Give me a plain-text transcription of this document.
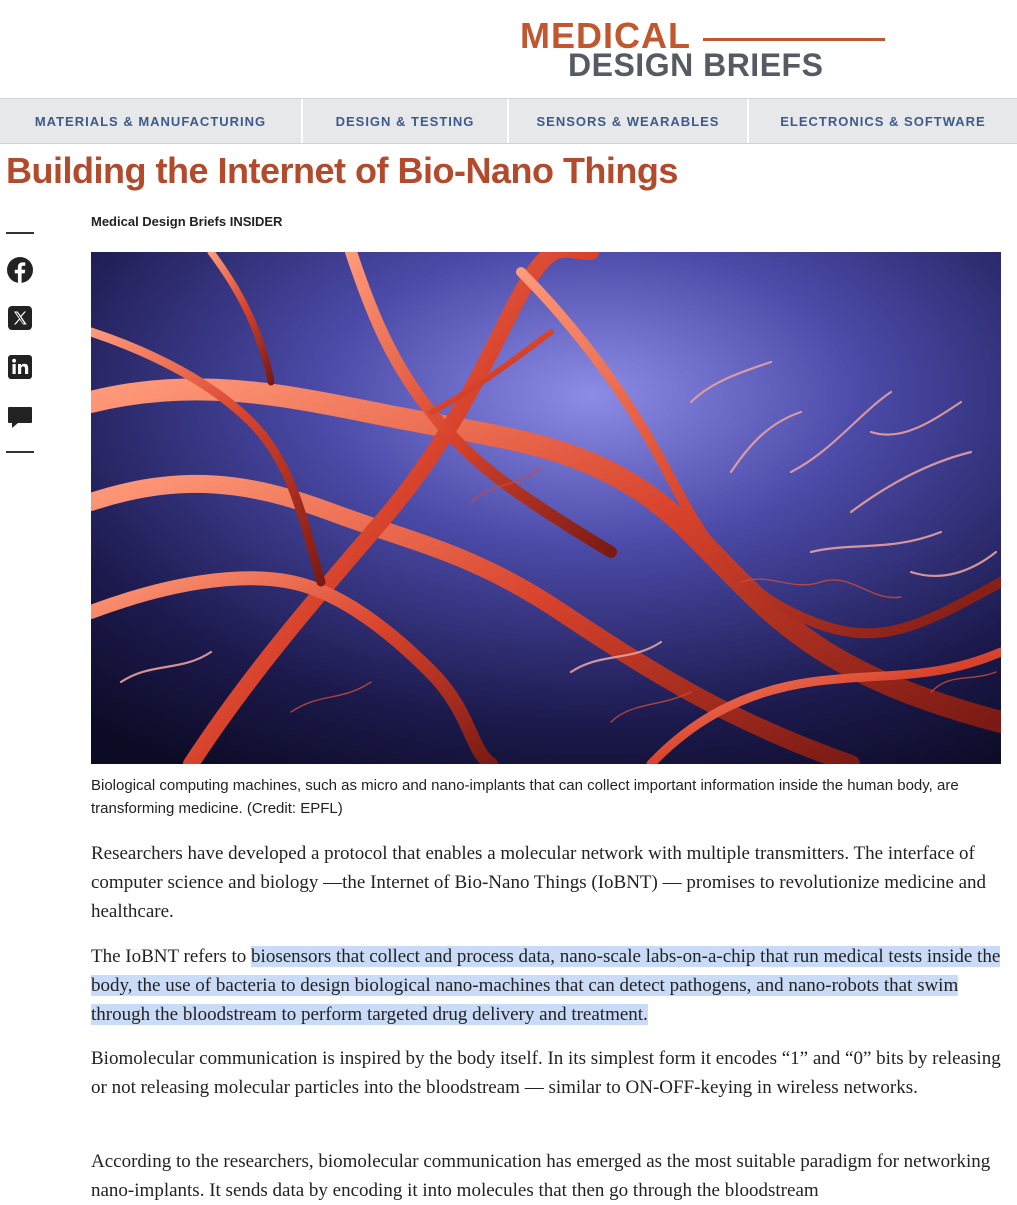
MEDICAL
DESIGN BRIEFS
MATERIALS & MANUFACTURING	DESIGN & TESTING	SENSORS & WEARABLES	ELECTRONICS & SOFTWARE
Building the Internet of Bio-Nano Things
Medical Design Briefs INSIDER
Biological computing machines, such as micro and nano-implants that can collect important information inside the human body, are transforming medicine. (Credit: EPFL)

Researchers have developed a protocol that enables a molecular network with multiple transmitters. The interface of computer science and biology —the Internet of Bio-Nano Things (IoBNT) — promises to revolutionize medicine and healthcare.

The IoBNT refers to biosensors that collect and process data, nano-scale labs-on-a-chip that run medical tests inside the body, the use of bacteria to design biological nano-machines that can detect pathogens, and nano-robots that swim through the bloodstream to perform targeted drug delivery and treatment.

Biomolecular communication is inspired by the body itself. In its simplest form it encodes “1” and “0” bits by releasing or not releasing molecular particles into the bloodstream — similar to ON-OFF-keying in wireless networks.

According to the researchers, biomolecular communication has emerged as the most suitable paradigm for networking nano-implants. It sends data by encoding it into molecules that then go through the bloodstream
